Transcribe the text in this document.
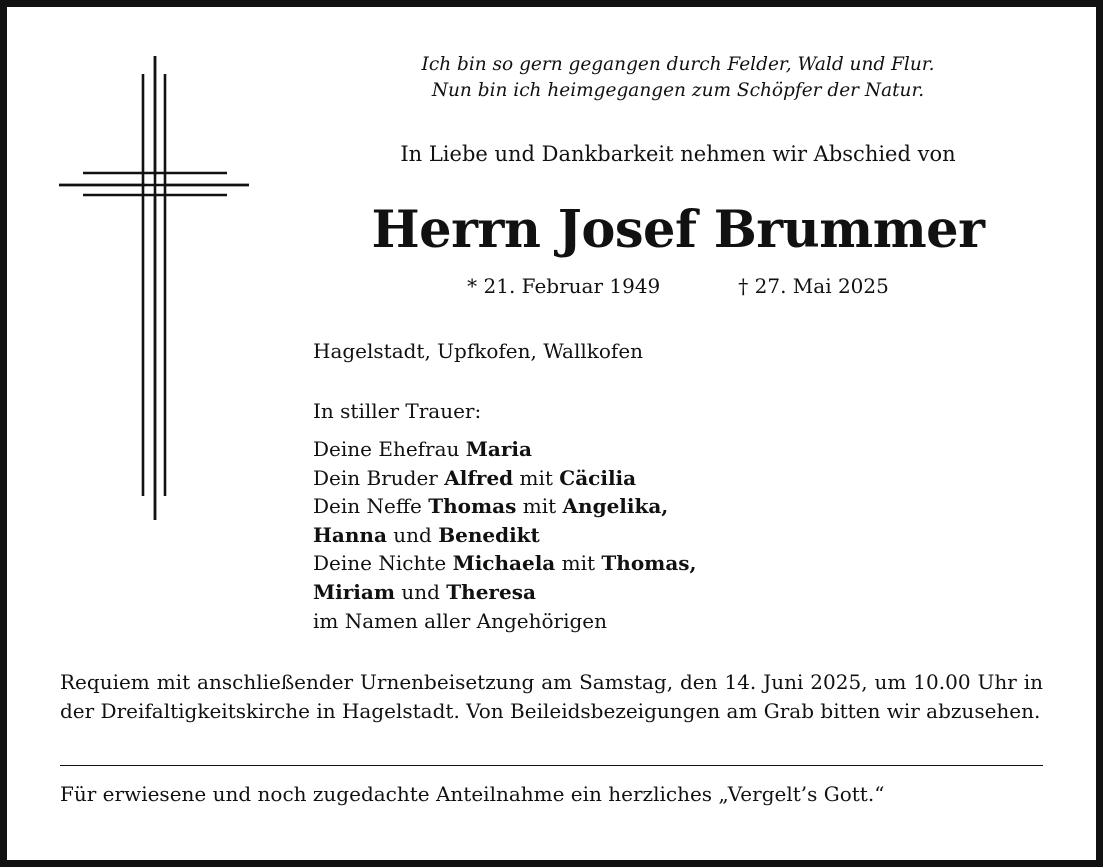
Ich bin so gern gegangen durch Felder, Wald und Flur.
Nun bin ich heimgegangen zum Schöpfer der Natur.
In Liebe und Dankbarkeit nehmen wir Abschied von
Herrn Josef Brummer
* 21. Februar 1949	† 27. Mai 2025
Hagelstadt, Upfkofen, Wallkofen
In stiller Trauer:
Deine Ehefrau Maria
Dein Bruder Alfred mit Cäcilia
Dein Neffe Thomas mit Angelika,
Hanna und Benedikt
Deine Nichte Michaela mit Thomas,
Miriam und Theresa
im Namen aller Angehörigen
Requiem mit anschließender Urnenbeisetzung am Samstag, den 14. Juni 2025, um 10.00 Uhr in der Dreifaltigkeitskirche in Hagelstadt. Von Beileidsbezeigungen am Grab bitten wir abzusehen.
Für erwiesene und noch zugedachte Anteilnahme ein herzliches „Vergelt’s Gott.“
